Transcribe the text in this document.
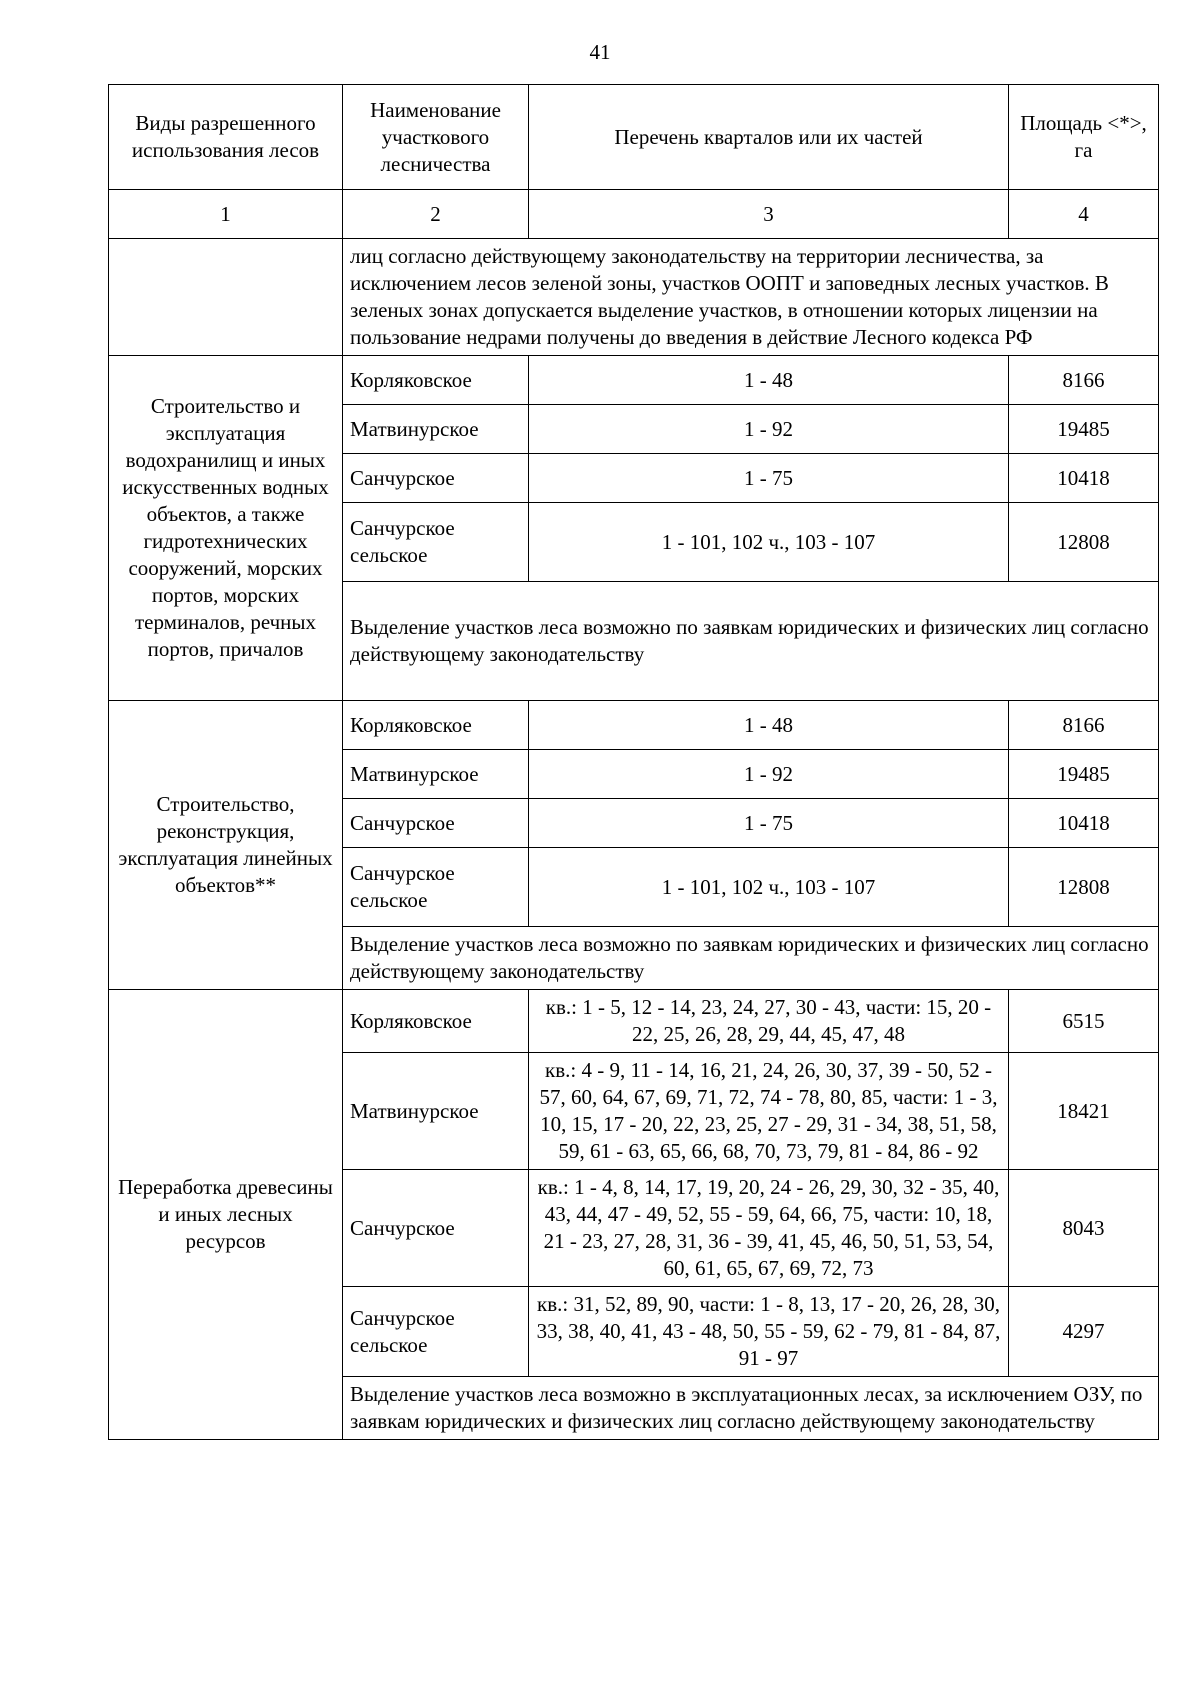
41
Виды разрешенного использования лесов	Наименование участкового лесничества	Перечень кварталов или их частей	Площадь <*>, га
1	2	3	4
	лиц согласно действующему законодательству на территории лесничества, за исключением лесов зеленой зоны, участков ООПТ и заповедных лесных участков. В зеленых зонах допускается выделение участков, в отношении которых лицензии на пользование недрами получены до введения в действие Лесного кодекса РФ		
Строительство и эксплуатация водохранилищ и иных искусственных водных объектов, а также гидротехнических сооружений, морских портов, морских терминалов, речных портов, причалов	Корляковское	1 - 48	8166
	Матвинурское	1 - 92	19485
	Санчурское	1 - 75	10418
	Санчурское сельское	1 - 101, 102 ч., 103 - 107	12808
	Выделение участков леса возможно по заявкам юридических и физических лиц согласно действующему законодательству		
Строительство, реконструкция, эксплуатация линейных объектов**	Корляковское	1 - 48	8166
	Матвинурское	1 - 92	19485
	Санчурское	1 - 75	10418
	Санчурское сельское	1 - 101, 102 ч., 103 - 107	12808
	Выделение участков леса возможно по заявкам юридических и физических лиц согласно действующему законодательству		
Переработка древесины и иных лесных ресурсов	Корляковское	кв.: 1 - 5, 12 - 14, 23, 24, 27, 30 - 43, части: 15, 20 - 22, 25, 26, 28, 29, 44, 45, 47, 48	6515
	Матвинурское	кв.: 4 - 9, 11 - 14, 16, 21, 24, 26, 30, 37, 39 - 50, 52 - 57, 60, 64, 67, 69, 71, 72, 74 - 78, 80, 85, части: 1 - 3, 10, 15, 17 - 20, 22, 23, 25, 27 - 29, 31 - 34, 38, 51, 58, 59, 61 - 63, 65, 66, 68, 70, 73, 79, 81 - 84, 86 - 92	18421
	Санчурское	кв.: 1 - 4, 8, 14, 17, 19, 20, 24 - 26, 29, 30, 32 - 35, 40, 43, 44, 47 - 49, 52, 55 - 59, 64, 66, 75, части: 10, 18, 21 - 23, 27, 28, 31, 36 - 39, 41, 45, 46, 50, 51, 53, 54, 60, 61, 65, 67, 69, 72, 73	8043
	Санчурское сельское	кв.: 31, 52, 89, 90, части: 1 - 8, 13, 17 - 20, 26, 28, 30, 33, 38, 40, 41, 43 - 48, 50, 55 - 59, 62 - 79, 81 - 84, 87, 91 - 97	4297
	Выделение участков леса возможно в эксплуатационных лесах, за исключением ОЗУ, по заявкам юридических и физических лиц согласно действующему законодательству		
